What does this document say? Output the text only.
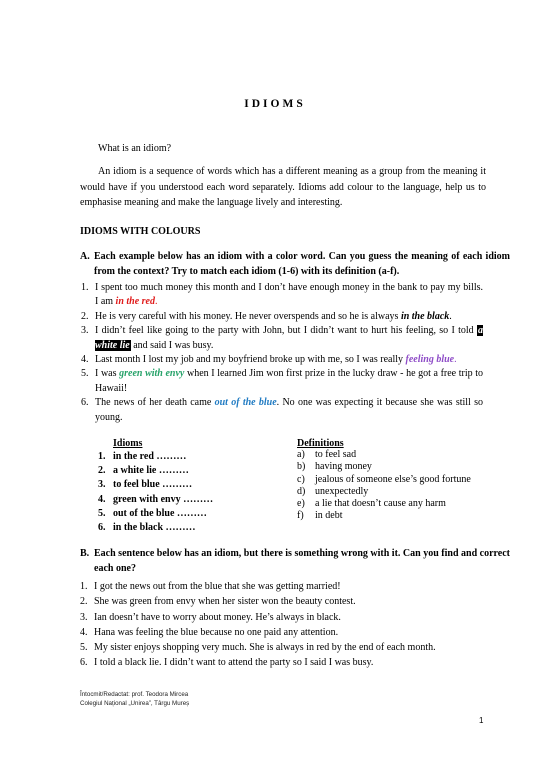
IDIOMS
What is an idiom?
An idiom is a sequence of words which has a different meaning as a group from the meaning it would have if you understood each word separately. Idioms add colour to the language, help us to emphasise meaning and make the language lively and interesting.
IDIOMS WITH COLOURS
A. Each example below has an idiom with a color word. Can you guess the meaning of each idiom from the context? Try to match each idiom (1-6) with its definition (a-f).
1. I spent too much money this month and I don’t have enough money in the bank to pay my bills. I am in the red.
2. He is very careful with his money. He never overspends and so he is always in the black.
3. I didn’t feel like going to the party with John, but I didn’t want to hurt his feeling, so I told a white lie and said I was busy.
4. Last month I lost my job and my boyfriend broke up with me, so I was really feeling blue.
5. I was green with envy when I learned Jim won first prize in the lucky draw - he got a free trip to Hawaii!
6. The news of her death came out of the blue. No one was expecting it because she was still so young.
Idioms	Definitions
1. in the red ………
2. a white lie ………
3. to feel blue ………
4. green with envy ………
5. out of the blue ………
6. in the black ………
a) to feel sad
b) having money
c) jealous of someone else’s good fortune
d) unexpectedly
e) a lie that doesn’t cause any harm
f) in debt
B. Each sentence below has an idiom, but there is something wrong with it. Can you find and correct each one?
1. I got the news out from the blue that she was getting married!
2. She was green from envy when her sister won the beauty contest.
3. Ian doesn’t have to worry about money. He’s always in black.
4. Hana was feeling the blue because no one paid any attention.
5. My sister enjoys shopping very much. She is always in red by the end of each month.
6. I told a black lie. I didn’t want to attend the party so I said I was busy.
Întocmit/Redactat: prof. Teodora Mircea
Colegiul Național „Unirea”, Târgu Mureș
1
